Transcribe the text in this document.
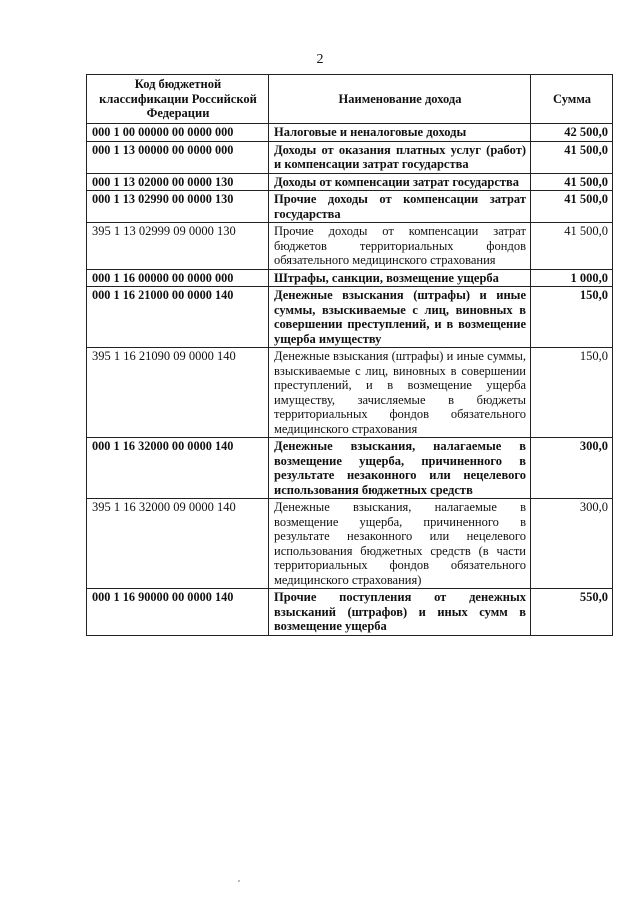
2
Код бюджетной классификации Российской Федерации	Наименование дохода	Сумма
000 1 00 00000 00 0000 000	Налоговые и неналоговые доходы	42 500,0
000 1 13 00000 00 0000 000	Доходы от оказания платных услуг (работ) и компенсации затрат государства	41 500,0
000 1 13 02000 00 0000 130	Доходы от компенсации затрат государства	41 500,0
000 1 13 02990 00 0000 130	Прочие доходы от компенсации затрат государства	41 500,0
395 1 13 02999 09 0000 130	Прочие доходы от компенсации затрат бюджетов территориальных фондов обязательного медицинского страхования	41 500,0
000 1 16 00000 00 0000 000	Штрафы, санкции, возмещение ущерба	1 000,0
000 1 16 21000 00 0000 140	Денежные взыскания (штрафы) и иные суммы, взыскиваемые с лиц, виновных в совершении преступлений, и в возмещение ущерба имуществу	150,0
395 1 16 21090 09 0000 140	Денежные взыскания (штрафы) и иные суммы, взыскиваемые с лиц, виновных в совершении преступлений, и в возмещение ущерба имуществу, зачисляемые в бюджеты территориальных фондов обязательного медицинского страхования	150,0
000 1 16 32000 00 0000 140	Денежные взыскания, налагаемые в возмещение ущерба, причиненного в результате незаконного или нецелевого использования бюджетных средств	300,0
395 1 16 32000 09 0000 140	Денежные взыскания, налагаемые в возмещение ущерба, причиненного в результате незаконного или нецелевого использования бюджетных средств (в части территориальных фондов обязательного медицинского страхования)	300,0
000 1 16 90000 00 0000 140	Прочие поступления от денежных взысканий (штрафов) и иных сумм в возмещение ущерба	550,0
